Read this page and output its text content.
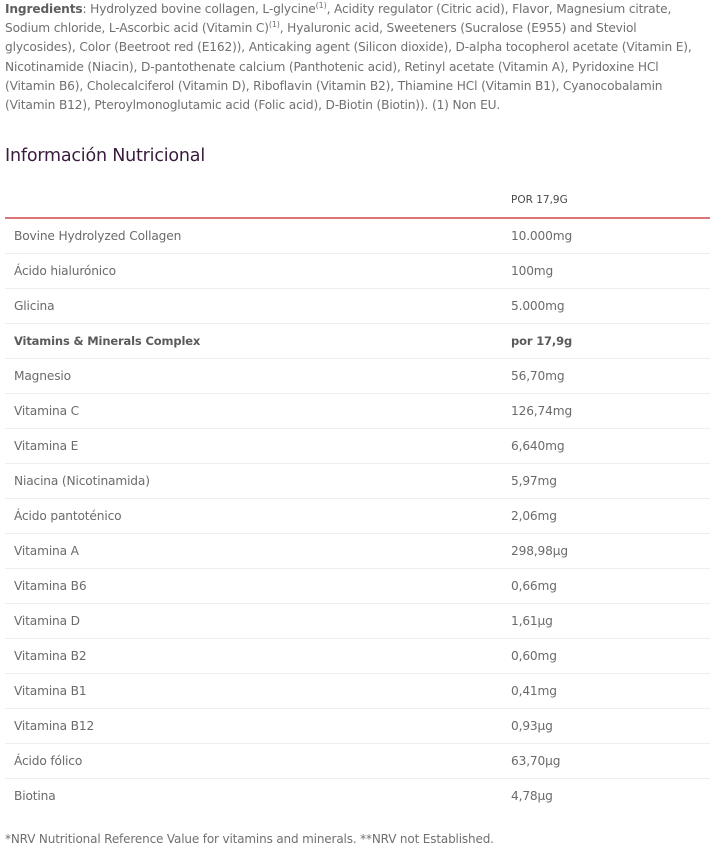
Ingredients: Hydrolyzed bovine collagen, L-glycine$^{(1)}$, Acidity regulator (Citric acid), Flavor, Magnesium citrate, Sodium chloride, L-Ascorbic acid (Vitamin C)$^{(1)}$, Hyaluronic acid, Sweeteners (Sucralose (E955) and Steviol glycosides), Color (Beetroot red (E162)), Anticaking agent (Silicon dioxide), D-alpha tocopherol acetate (Vitamin E), Nicotinamide (Niacin), D-pantothenate calcium (Panthotenic acid), Retinyl acetate (Vitamin A), Pyridoxine HCl (Vitamin B6), Cholecalciferol (Vitamin D), Riboflavin (Vitamin B2), Thiamine HCl (Vitamin B1), Cyanocobalamin (Vitamin B12), Pteroylmonoglutamic acid (Folic acid), D-Biotin (Biotin)). (1) Non EU.

Información Nutricional
	POR 17,9G
Bovine Hydrolyzed Collagen	10.000mg
Ácido hialurónico	100mg
Glicina	5.000mg
Vitamins & Minerals Complex	por 17,9g
Magnesio	56,70mg
Vitamina C	126,74mg
Vitamina E	6,640mg
Niacina (Nicotinamida)	5,97mg
Ácido pantoténico	2,06mg
Vitamina A	298,98µg
Vitamina B6	0,66mg
Vitamina D	1,61µg
Vitamina B2	0,60mg
Vitamina B1	0,41mg
Vitamina B12	0,93µg
Ácido fólico	63,70µg
Biotina	4,78µg

*NRV Nutritional Reference Value for vitamins and minerals. **NRV not Established.
